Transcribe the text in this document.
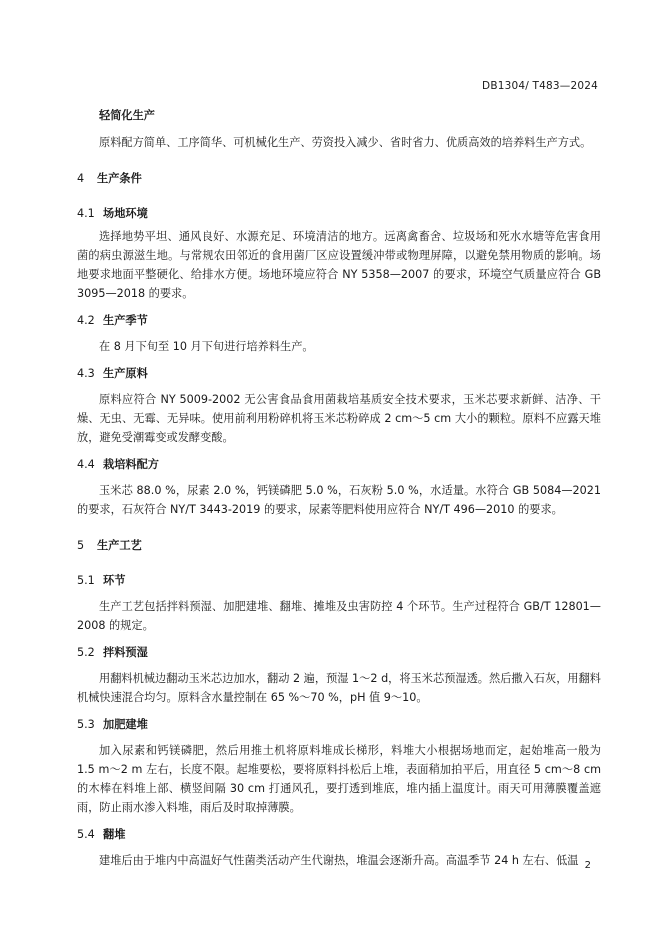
DB1304/ T483—2024
轻简化生产
原料配方简单、工序简华、可机械化生产、劳资投入减少、省时省力、优质高效的培养料生产方式。
4 生产条件
4.1 场地环境
选择地势平坦、通风良好、水源充足、环境清洁的地方。远离禽畜舍、垃圾场和死水水塘等危害食用菌的病虫源滋生地。与常规农田邻近的食用菌厂区应设置缓冲带或物理屏障，以避免禁用物质的影响。场地要求地面平整硬化、给排水方便。场地环境应符合 NY 5358—2007 的要求，环境空气质量应符合 GB 3095—2018 的要求。
4.2 生产季节
在 8 月下旬至 10 月下旬进行培养料生产。
4.3 生产原料
原料应符合 NY 5009-2002 无公害食品食用菌栽培基质安全技术要求，玉米芯要求新鲜、洁净、干燥、无虫、无霉、无异味。使用前利用粉碎机将玉米芯粉碎成 2 cm～5 cm 大小的颗粒。原料不应露天堆放，避免受潮霉变或发酵变酸。
4.4 栽培料配方
玉米芯 88.0 %，尿素 2.0 %，钙镁磷肥 5.0 %，石灰粉 5.0 %，水适量。水符合 GB 5084—2021 的要求，石灰符合 NY/T 3443-2019 的要求，尿素等肥料使用应符合 NY/T 496—2010 的要求。
5 生产工艺
5.1 环节
生产工艺包括拌料预湿、加肥建堆、翻堆、摊堆及虫害防控 4 个环节。生产过程符合 GB/T 12801—2008 的规定。
5.2 拌料预湿
用翻料机械边翻动玉米芯边加水，翻动 2 遍，预湿 1～2 d，将玉米芯预湿透。然后撒入石灰，用翻料机械快速混合均匀。原料含水量控制在 65 %～70 %，pH 值 9～10。
5.3 加肥建堆
加入尿素和钙镁磷肥，然后用推土机将原料堆成长梯形，料堆大小根据场地而定，起始堆高一般为 1.5 m～2 m 左右，长度不限。起堆要松，要将原料抖松后上堆，表面稍加拍平后，用直径 5 cm～8 cm 的木棒在料堆上部、横竖间隔 30 cm 打通风孔，要打透到堆底，堆内插上温度计。雨天可用薄膜覆盖遮雨，防止雨水渗入料堆，雨后及时取掉薄膜。
5.4 翻堆
建堆后由于堆内中高温好气性菌类活动产生代谢热，堆温会逐渐升高。高温季节 24 h 左右、低温 2
